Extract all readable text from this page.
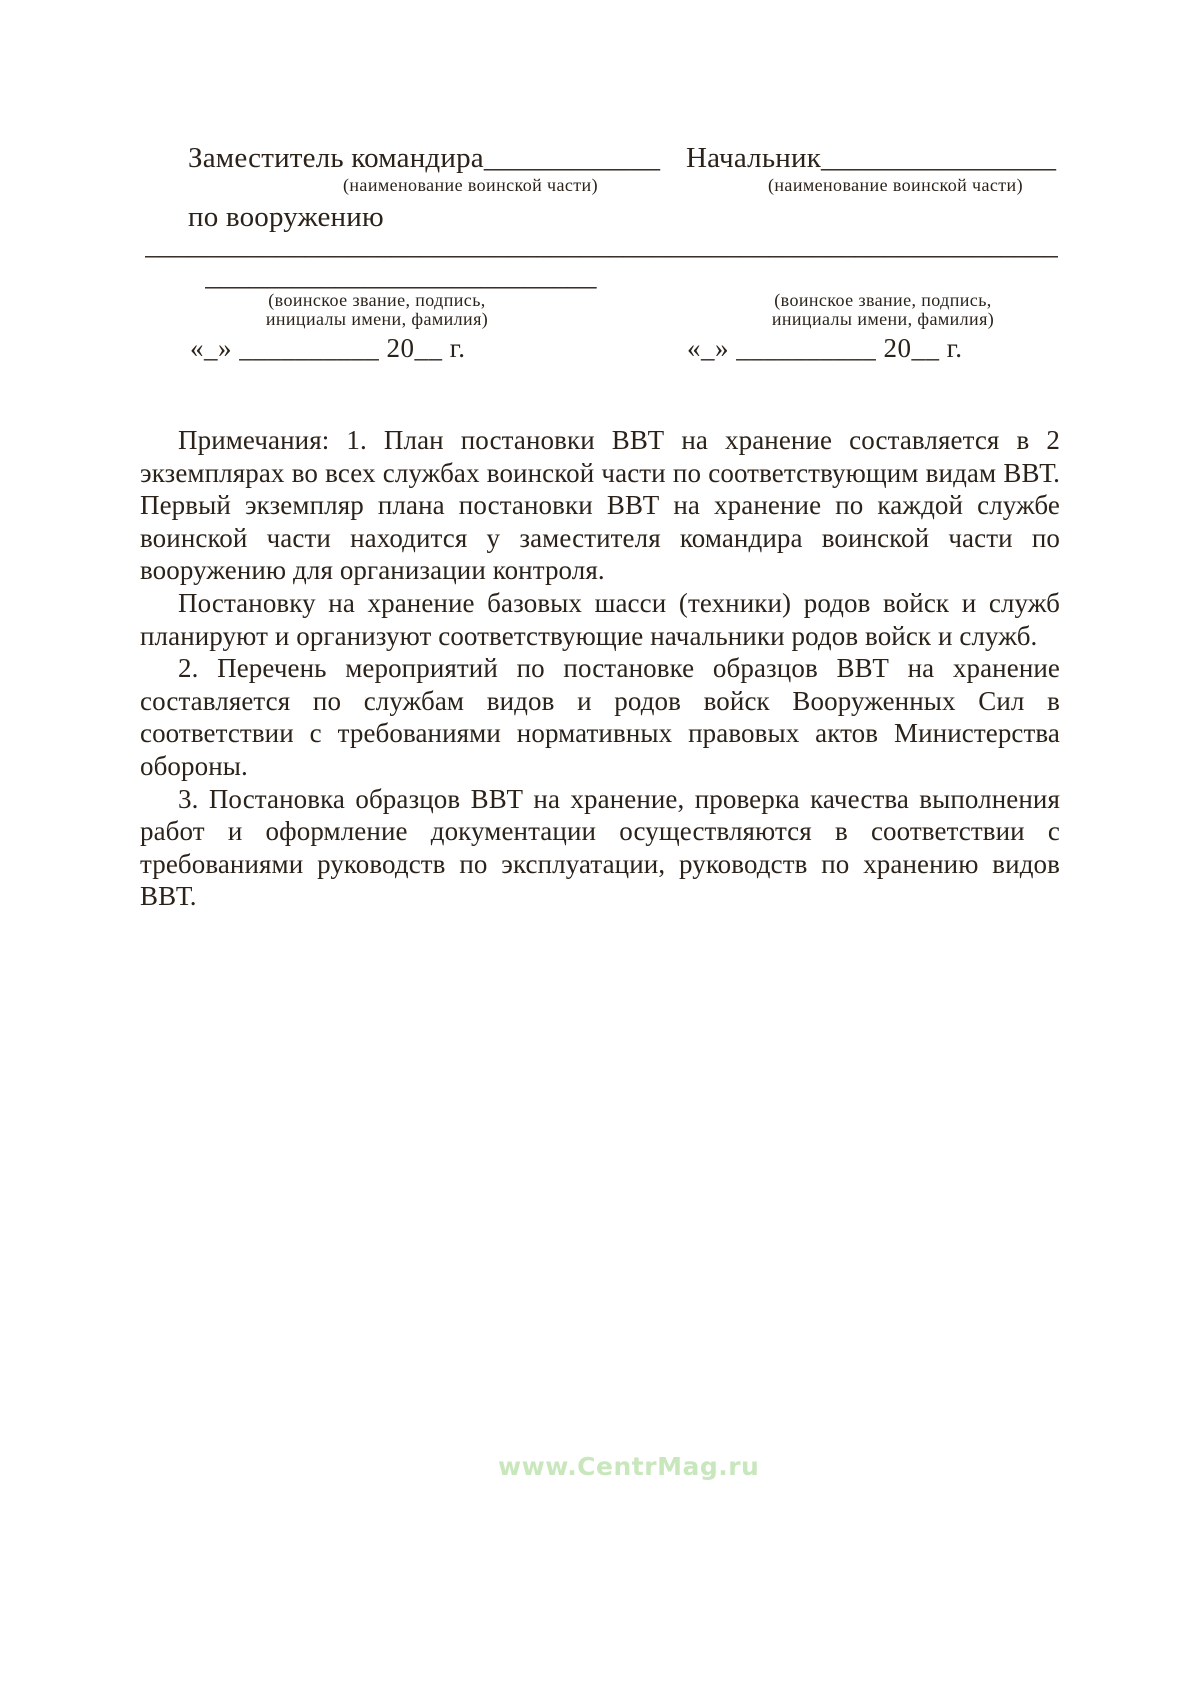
Заместитель командира____________ Начальник________________
(наименование воинской части)	(наименование воинской части)
по вооружению
_______________________________________________________________
___________________________
(воинское звание, подпись,
инициалы имени, фамилия)
(воинское звание, подпись,
инициалы имени, фамилия)
«_» __________ 20__ г.	«_» __________ 20__ г.

Примечания: 1. План постановки ВВТ на хранение составляется в 2 экземплярах во всех службах воинской части по соответствующим видам ВВТ. Первый экземпляр плана постановки ВВТ на хранение по каждой службе воинской части находится у заместителя командира воинской части по вооружению для организации контроля.

Постановку на хранение базовых шасси (техники) родов войск и служб планируют и организуют соответствующие начальники родов войск и служб.

2. Перечень мероприятий по постановке образцов ВВТ на хранение составляется по службам видов и родов войск Вооруженных Сил в соответствии с требованиями нормативных правовых актов Министерства обороны.

3. Постановка образцов ВВТ на хранение, проверка качества выполнения работ и оформление документации осуществляются в соответствии с требованиями руководств по эксплуатации, руководств по хранению видов ВВТ.

www.CentrMag.ru
